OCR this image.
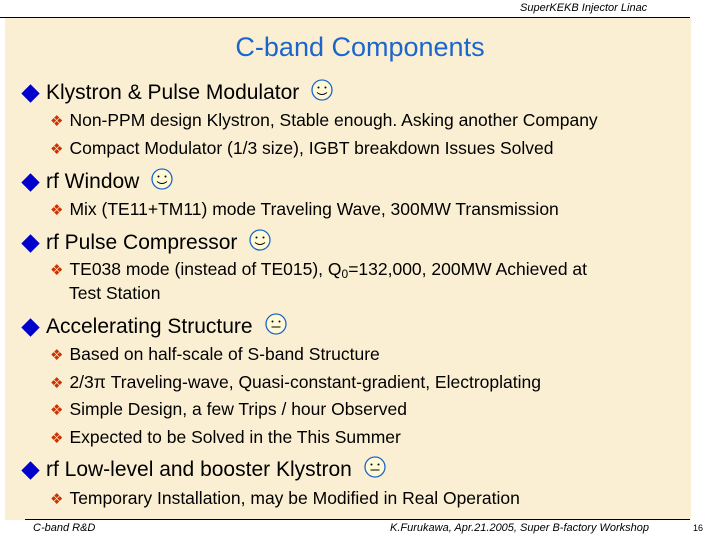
SuperKEKB Injector Linac
C-band Components
Klystron & Pulse Modulator
❖ Non-PPM design Klystron, Stable enough. Asking another Company
❖ Compact Modulator (1/3 size), IGBT breakdown Issues Solved
rf Window
❖ Mix (TE11+TM11) mode Traveling Wave, 300MW Transmission
rf Pulse Compressor
❖ TE038 mode (instead of TE015), $Q_0=132,000$, 200MW Achieved at
Test Station
Accelerating Structure
❖ Based on half-scale of S-band Structure
❖ 2/3π Traveling-wave, Quasi-constant-gradient, Electroplating
❖ Simple Design, a few Trips / hour Observed
❖ Expected to be Solved in the This Summer
rf Low-level and booster Klystron
❖ Temporary Installation, may be Modified in Real Operation
C-band R&D	K.Furukawa, Apr.21.2005, Super B-factory Workshop	16
